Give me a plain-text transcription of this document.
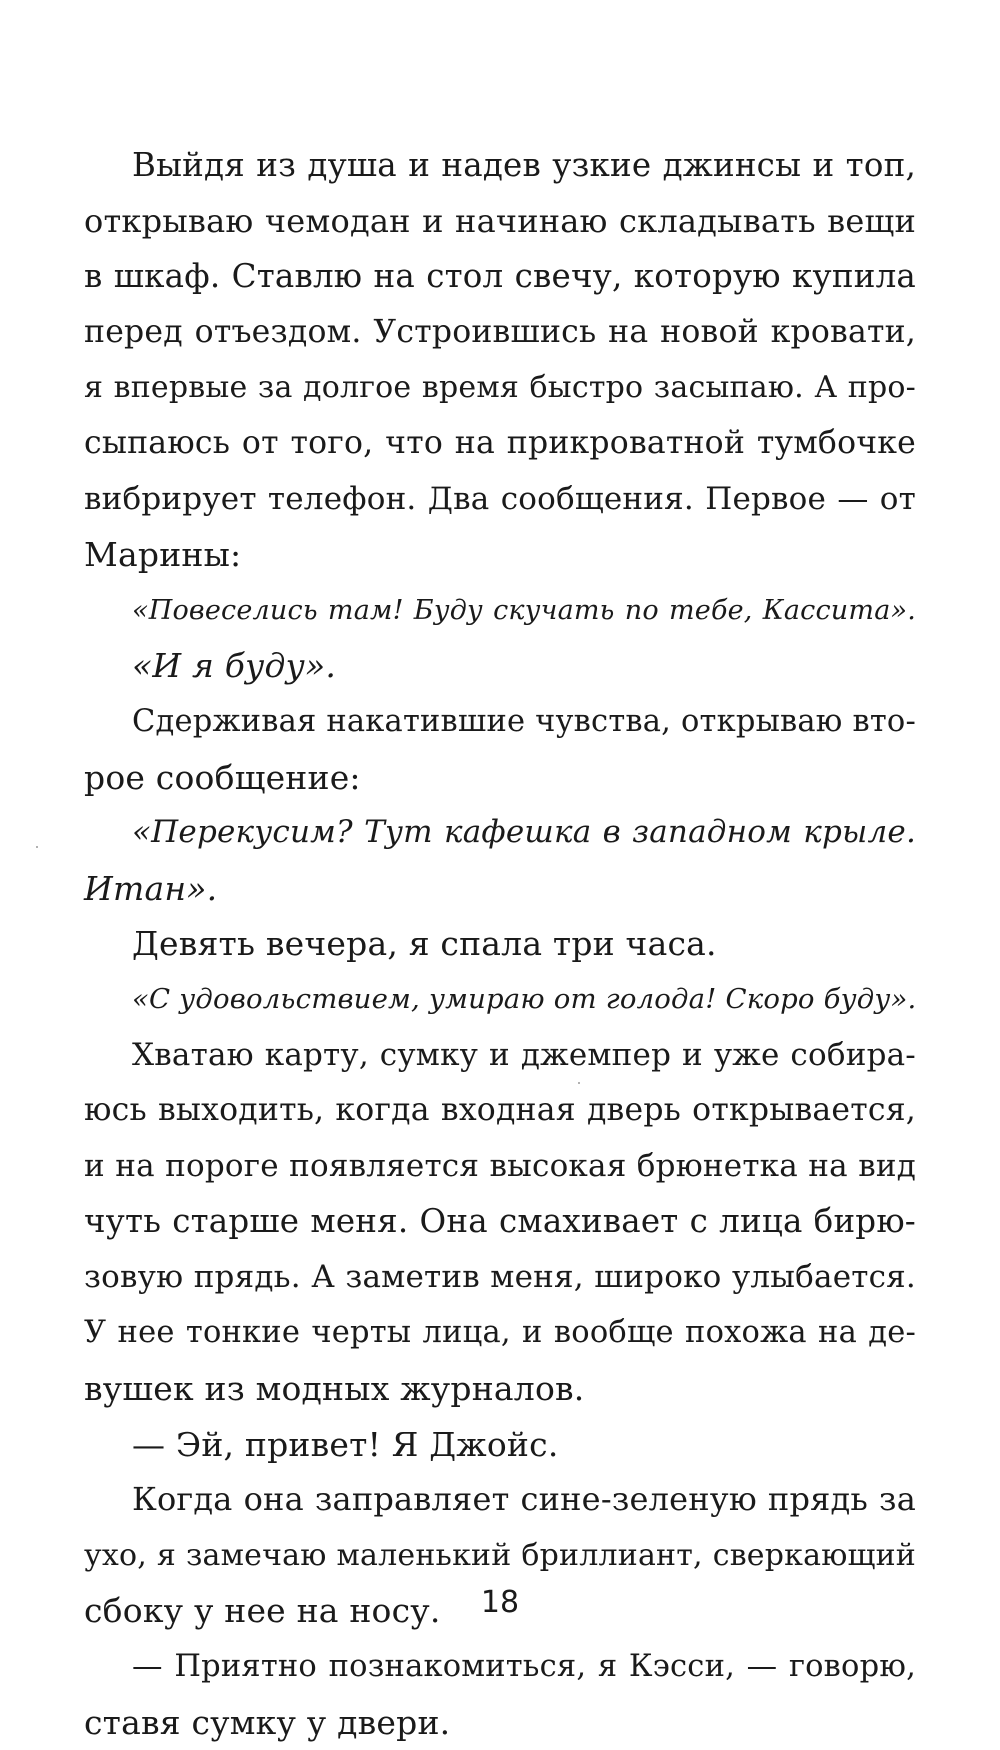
Выйдя из душа и надев узкие джинсы и топ,
открываю чемодан и начинаю складывать вещи
в шкаф. Ставлю на стол свечу, которую купила
перед отъездом. Устроившись на новой кровати,
я впервые за долгое время быстро засыпаю. А про-
сыпаюсь от того, что на прикроватной тумбочке
вибрирует телефон. Два сообщения. Первое — от
Марины:
«Повеселись там! Буду скучать по тебе, Кассита».
«И я буду».
Сдерживая накатившие чувства, открываю вто-
рое сообщение:
«Перекусим? Тут кафешка в западном крыле.
Итан».
Девять вечера, я спала три часа.
«С удовольствием, умираю от голода! Скоро буду».
Хватаю карту, сумку и джемпер и уже собира-
юсь выходить, когда входная дверь открывается,
и на пороге появляется высокая брюнетка на вид
чуть старше меня. Она смахивает с лица бирю-
зовую прядь. А заметив меня, широко улыбается.
У нее тонкие черты лица, и вообще похожа на де-
вушек из модных журналов.
— Эй, привет! Я Джойс.
Когда она заправляет сине-зеленую прядь за
ухо, я замечаю маленький бриллиант, сверкающий
сбоку у нее на носу.
— Приятно познакомиться, я Кэсси, — говорю,
ставя сумку у двери.
18
